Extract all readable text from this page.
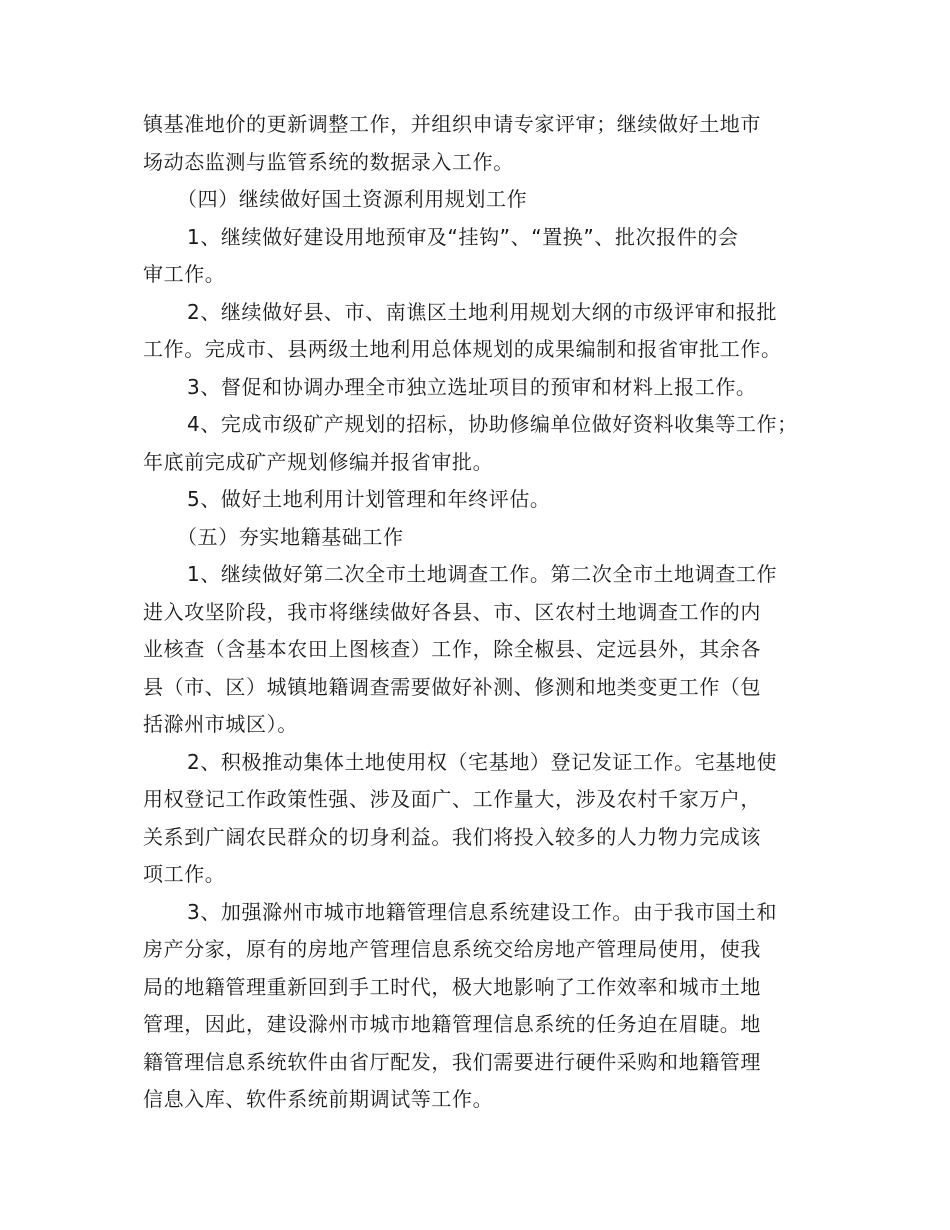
镇基准地价的更新调整工作，并组织申请专家评审；继续做好土地市
场动态监测与监管系统的数据录入工作。
（四）继续做好国土资源利用规划工作
1、继续做好建设用地预审及“挂钩”、“置换”、批次报件的会
审工作。
2、继续做好县、市、南谯区土地利用规划大纲的市级评审和报批
工作。完成市、县两级土地利用总体规划的成果编制和报省审批工作。
3、督促和协调办理全市独立选址项目的预审和材料上报工作。
4、完成市级矿产规划的招标，协助修编单位做好资料收集等工作；
年底前完成矿产规划修编并报省审批。
5、做好土地利用计划管理和年终评估。
（五）夯实地籍基础工作
1、继续做好第二次全市土地调查工作。第二次全市土地调查工作
进入攻坚阶段，我市将继续做好各县、市、区农村土地调查工作的内
业核查（含基本农田上图核查）工作，除全椒县、定远县外，其余各
县（市、区）城镇地籍调查需要做好补测、修测和地类变更工作（包
括滁州市城区）。
2、积极推动集体土地使用权（宅基地）登记发证工作。宅基地使
用权登记工作政策性强、涉及面广、工作量大，涉及农村千家万户，
关系到广阔农民群众的切身利益。我们将投入较多的人力物力完成该
项工作。
3、加强滁州市城市地籍管理信息系统建设工作。由于我市国土和
房产分家，原有的房地产管理信息系统交给房地产管理局使用，使我
局的地籍管理重新回到手工时代，极大地影响了工作效率和城市土地
管理，因此，建设滁州市城市地籍管理信息系统的任务迫在眉睫。地
籍管理信息系统软件由省厅配发，我们需要进行硬件采购和地籍管理
信息入库、软件系统前期调试等工作。
